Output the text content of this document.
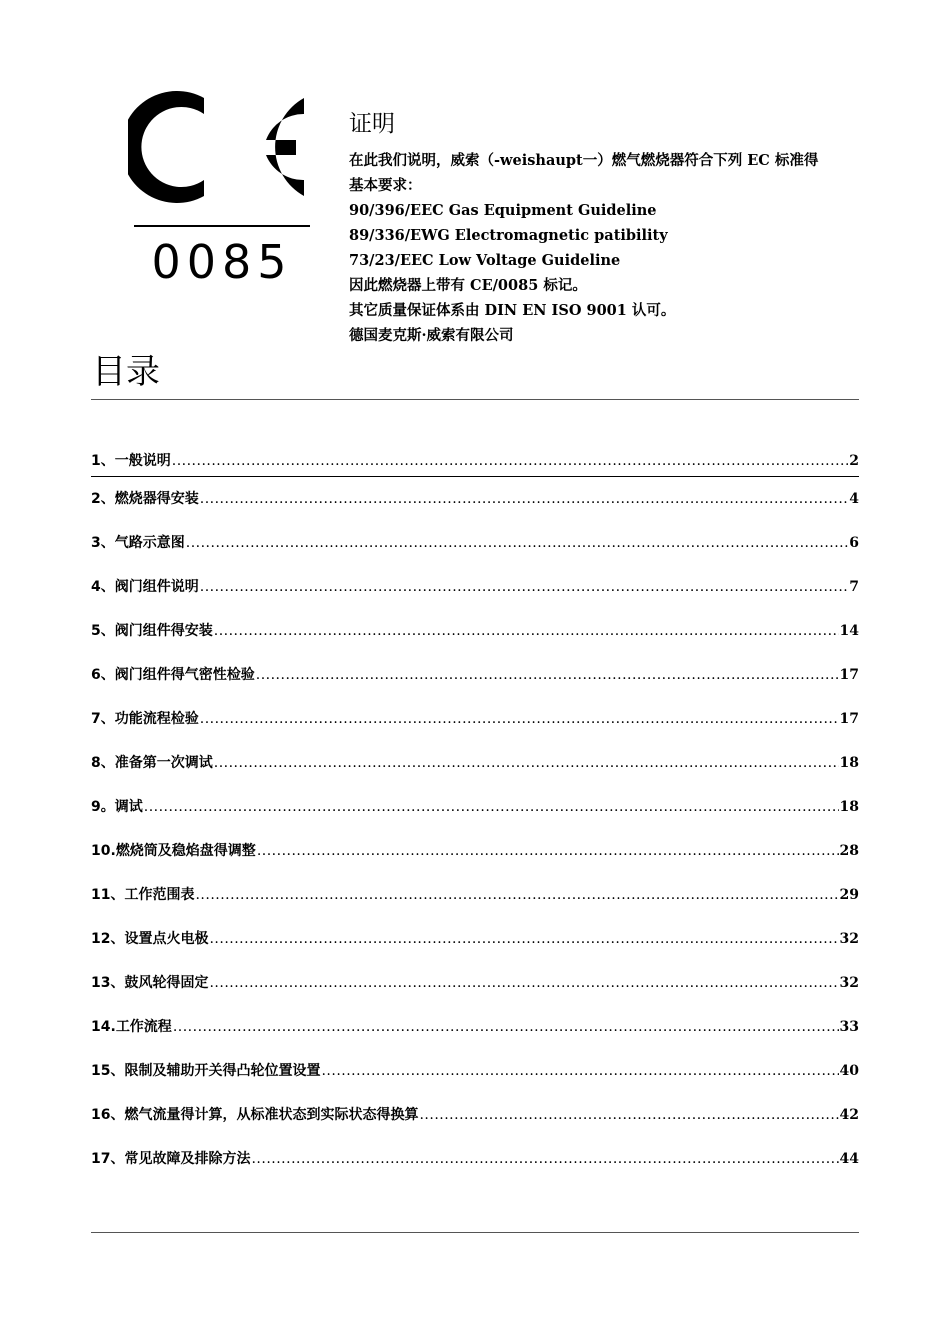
0085
证明
在此我们说明，威索（-weishaupt一）燃气燃烧器符合下列 EC 标准得
基本要求：
90/396/EEC Gas Equipment Guideline
89/336/EWG Electromagnetic patibility
73/23/EEC Low Voltage Guideline
因此燃烧器上带有 CE/0085 标记。
其它质量保证体系由 DIN EN ISO 9001 认可。
德国麦克斯·威索有限公司
目录
1、 一般说明 .....	2
2、 燃烧器得安装 .....	4
3、 气路示意图 .....	6
4、 阀门组件说明 .....	7
5、 阀门组件得安装 .....	14
6、 阀门组件得气密性检验 .....	17
7、 功能流程检验 .....	17
8、 准备第一次调试 .....	18
9。 调试 .....	18
10. 燃烧筒及稳焰盘得调整 .....	28
11、 工作范围表 .....	29
12、 设置点火电极 .....	32
13、 鼓风轮得固定 .....	32
14. 工作流程 .....	33
15、 限制及辅助开关得凸轮位置设置 .....	40
16、 燃气流量得计算，从标准状态到实际状态得换算 .....	42
17、 常见故障及排除方法 .....	44
